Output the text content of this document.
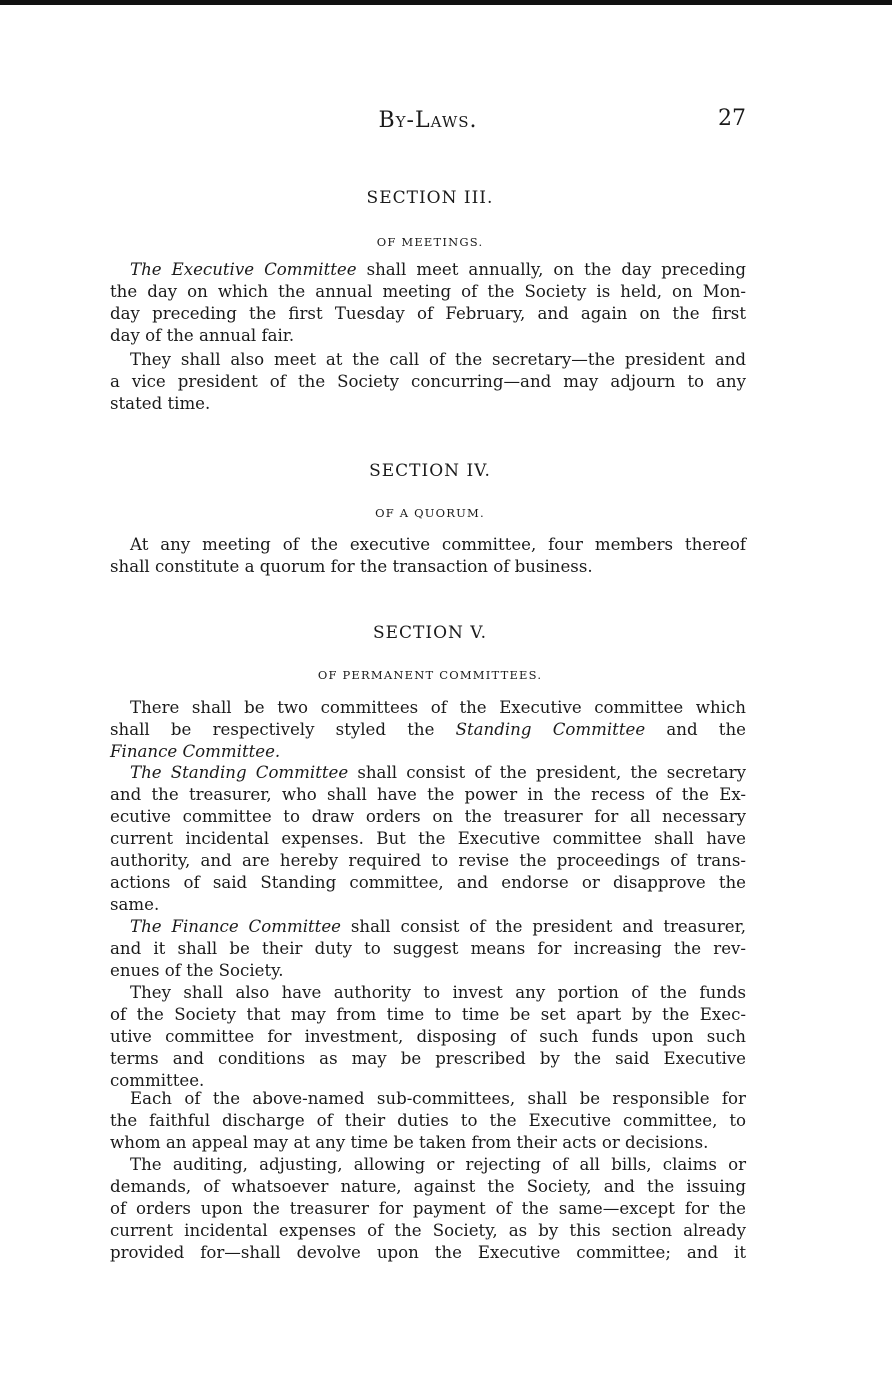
By-Laws.	27
SECTION III.
OF MEETINGS.
The Executive Committee shall meet annually, on the day preceding
the day on which the annual meeting of the Society is held, on Mon-
day preceding the first Tuesday of February, and again on the first
day of the annual fair.
They shall also meet at the call of the secretary—the president and
a vice president of the Society concurring—and may adjourn to any
stated time.
SECTION IV.
OF A QUORUM.
At any meeting of the executive committee, four members thereof
shall constitute a quorum for the transaction of business.
SECTION V.
OF PERMANENT COMMITTEES.
There shall be two committees of the Executive committee which
shall be respectively styled the Standing Committee and the
Finance Committee.
The Standing Committee shall consist of the president, the secretary
and the treasurer, who shall have the power in the recess of the Ex-
ecutive committee to draw orders on the treasurer for all necessary
current incidental expenses. But the Executive committee shall have
authority, and are hereby required to revise the proceedings of trans-
actions of said Standing committee, and endorse or disapprove the
same.
The Finance Committee shall consist of the president and treasurer,
and it shall be their duty to suggest means for increasing the rev-
enues of the Society.
They shall also have authority to invest any portion of the funds
of the Society that may from time to time be set apart by the Exec-
utive committee for investment, disposing of such funds upon such
terms and conditions as may be prescribed by the said Executive
committee.
Each of the above-named sub-committees, shall be responsible for
the faithful discharge of their duties to the Executive committee, to
whom an appeal may at any time be taken from their acts or decisions.
The auditing, adjusting, allowing or rejecting of all bills, claims or
demands, of whatsoever nature, against the Society, and the issuing
of orders upon the treasurer for payment of the same—except for the
current incidental expenses of the Society, as by this section already
provided for—shall devolve upon the Executive committee; and it
